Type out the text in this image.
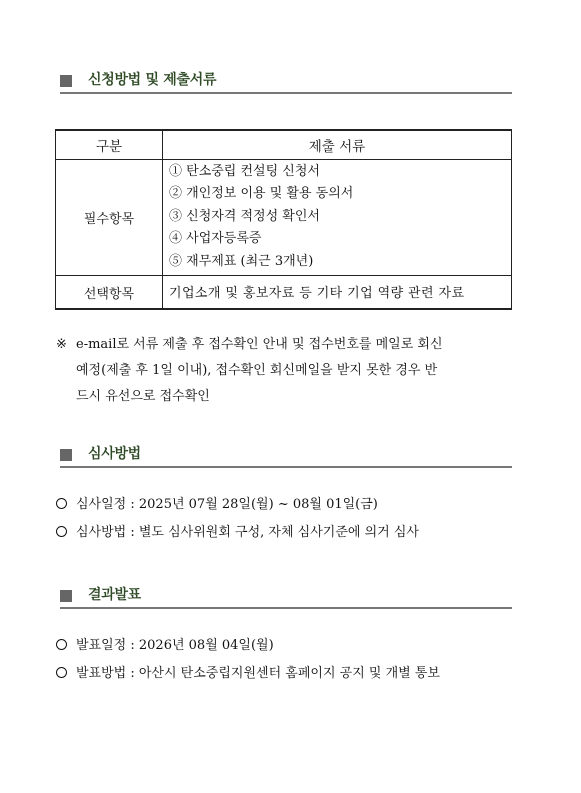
신청방법 및 제출서류
구분	제출 서류
필수항목	① 탄소중립 컨설팅 신청서
② 개인정보 이용 및 활용 동의서
③ 신청자격 적정성 확인서
④ 사업자등록증
⑤ 재무제표 (최근 3개년)

선택항목	기업소개 및 홍보자료 등 기타 기업 역량 관련 자료
※ e-mail로 서류 제출 후 접수확인 안내 및 접수번호를 메일로 회신
예정(제출 후 1일 이내), 접수확인 회신메일을 받지 못한 경우 반
드시 유선으로 접수확인
심사방법
심사일정 : 2025년 07월 28일(월) ~ 08월 01일(금)
심사방법 : 별도 심사위원회 구성, 자체 심사기준에 의거 심사
결과발표
발표일정 : 2026년 08월 04일(월)
발표방법 : 아산시 탄소중립지원센터 홈페이지 공지 및 개별 통보
